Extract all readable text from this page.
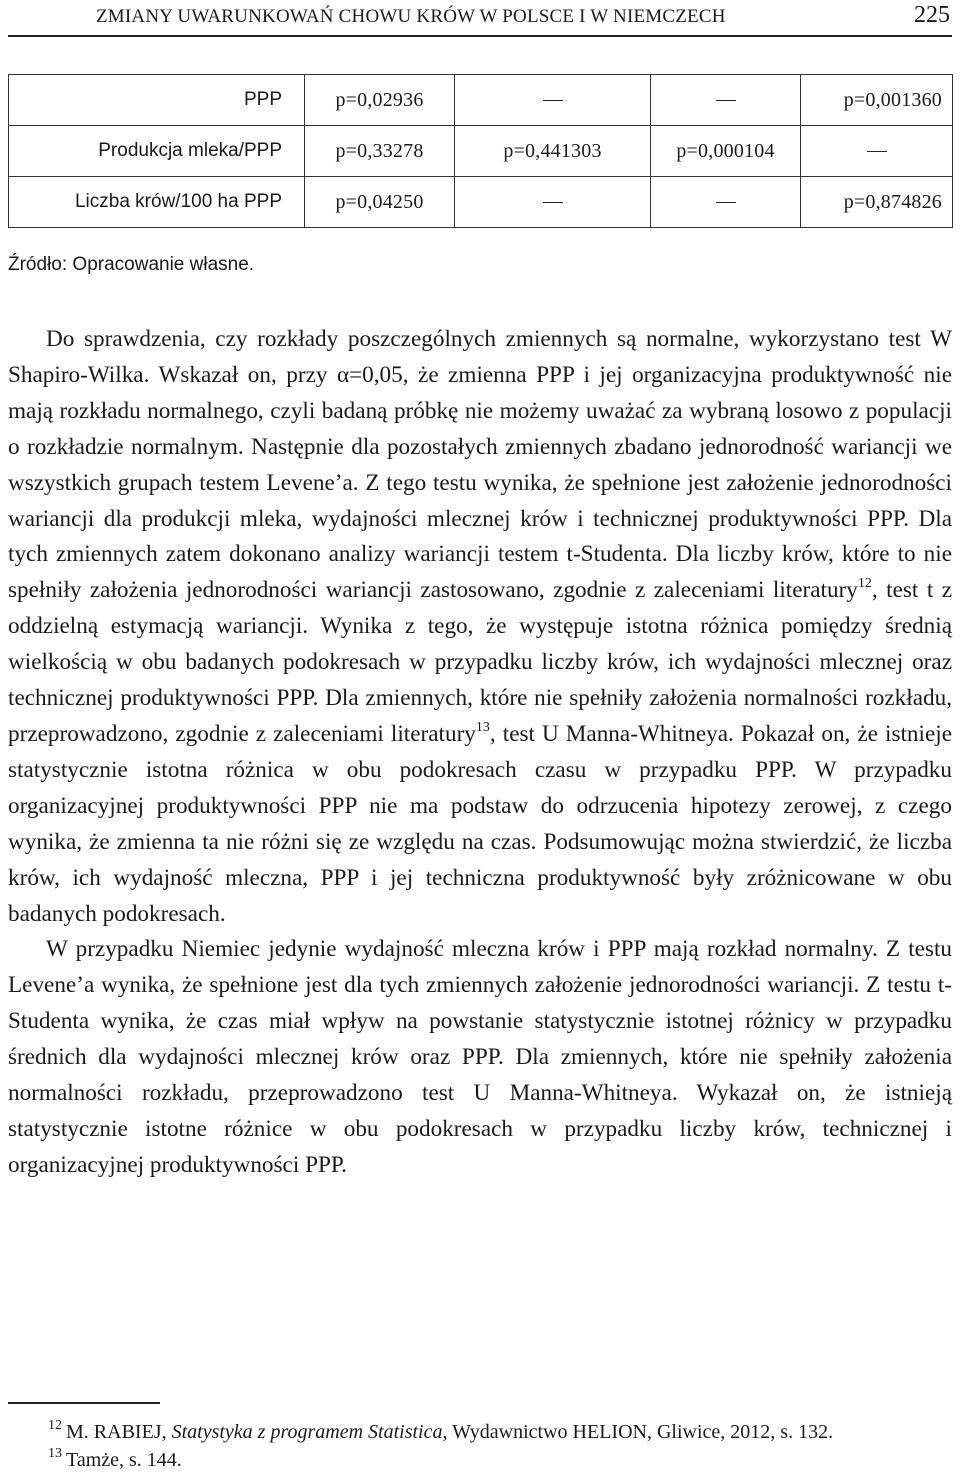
ZMIANY UWARUNKOWAŃ CHOWU KRÓW W POLSCE I W NIEMCZECH	225
PPP	p=0,02936			p=0,001360
Produkcja mleka/PPP	p=0,33278	p=0,441303	p=0,000104	
Liczba krów/100 ha PPP	p=0,04250			p=0,874826
Źródło: Opracowanie własne.

Do sprawdzenia, czy rozkłady poszczególnych zmiennych są normalne, wykorzystano test W Shapiro-Wilka. Wskazał on, przy α=0,05, że zmienna PPP i jej organizacyjna produktywność nie mają rozkładu normalnego, czyli badaną próbkę nie możemy uważać za wybraną losowo z populacji o rozkładzie normalnym. Następnie dla pozostałych zmiennych zbadano jednorodność wariancji we wszystkich grupach testem Levene’a. Z tego testu wynika, że spełnione jest założenie jednorodności wariancji dla produkcji mleka, wydajności mlecznej krów i technicznej produktywności PPP. Dla tych zmiennych zatem dokonano analizy wariancji testem t-Studenta. Dla liczby krów, które to nie spełniły założenia jednorodności wariancji zastosowano, zgodnie z zaleceniami literatury$^{12}$, test t z oddzielną estymacją wariancji. Wynika z tego, że występuje istotna różnica pomiędzy średnią wielkością w obu badanych podokresach w przypadku liczby krów, ich wydajności mlecznej oraz technicznej produktywności PPP. Dla zmiennych, które nie spełniły założenia normalności rozkładu, przeprowadzono, zgodnie z zaleceniami literatury$^{13}$, test U Manna-Whitneya. Pokazał on, że istnieje statystycznie istotna różnica w obu podokresach czasu w przypadku PPP. W przypadku organizacyjnej produktywności PPP nie ma podstaw do odrzucenia hipotezy zerowej, z czego wynika, że zmienna ta nie różni się ze względu na czas. Podsumowując można stwierdzić, że liczba krów, ich wydajność mleczna, PPP i jej techniczna produktywność były zróżnicowane w obu badanych podokresach.

W przypadku Niemiec jedynie wydajność mleczna krów i PPP mają rozkład normalny. Z testu Levene’a wynika, że spełnione jest dla tych zmiennych założenie jednorodności wariancji. Z testu t-Studenta wynika, że czas miał wpływ na powstanie statystycznie istotnej różnicy w przypadku średnich dla wydajności mlecznej krów oraz PPP. Dla zmiennych, które nie spełniły założenia normalności rozkładu, przeprowadzono test U Manna-Whitneya. Wykazał on, że istnieją statystycznie istotne różnice w obu podokresach w przypadku liczby krów, technicznej i organizacyjnej produktywności PPP.

12 M. RABIEJ, Statystyka z programem Statistica, Wydawnictwo HELION, Gliwice, 2012, s. 132.
13 Tamże, s. 144.
